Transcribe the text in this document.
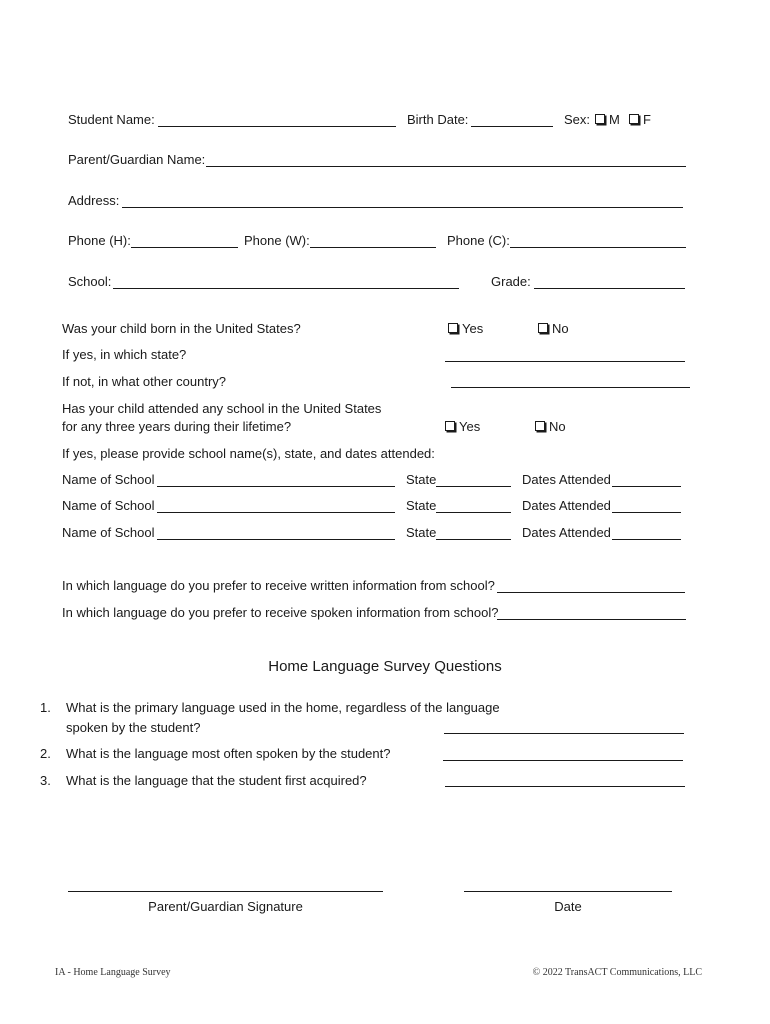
Student Name:	Birth Date:	Sex:	M	F
Parent/Guardian Name:
Address:
Phone (H):	Phone (W):	Phone (C):
School:	Grade:
Was your child born in the United States?	Yes	No
If yes, in which state?
If not, in what other country?
Has your child attended any school in the United States
for any three years during their lifetime?	Yes	No
If yes, please provide school name(s), state, and dates attended:
Name of School	State	Dates Attended
Name of School	State	Dates Attended
Name of School	State	Dates Attended
In which language do you prefer to receive written information from school?
In which language do you prefer to receive spoken information from school?
Home Language Survey Questions
1. What is the primary language used in the home, regardless of the language
spoken by the student?
2. What is the language most often spoken by the student?
3. What is the language that the student first acquired?
Parent/Guardian Signature	Date
IA - Home Language Survey	© 2022 TransACT Communications, LLC
